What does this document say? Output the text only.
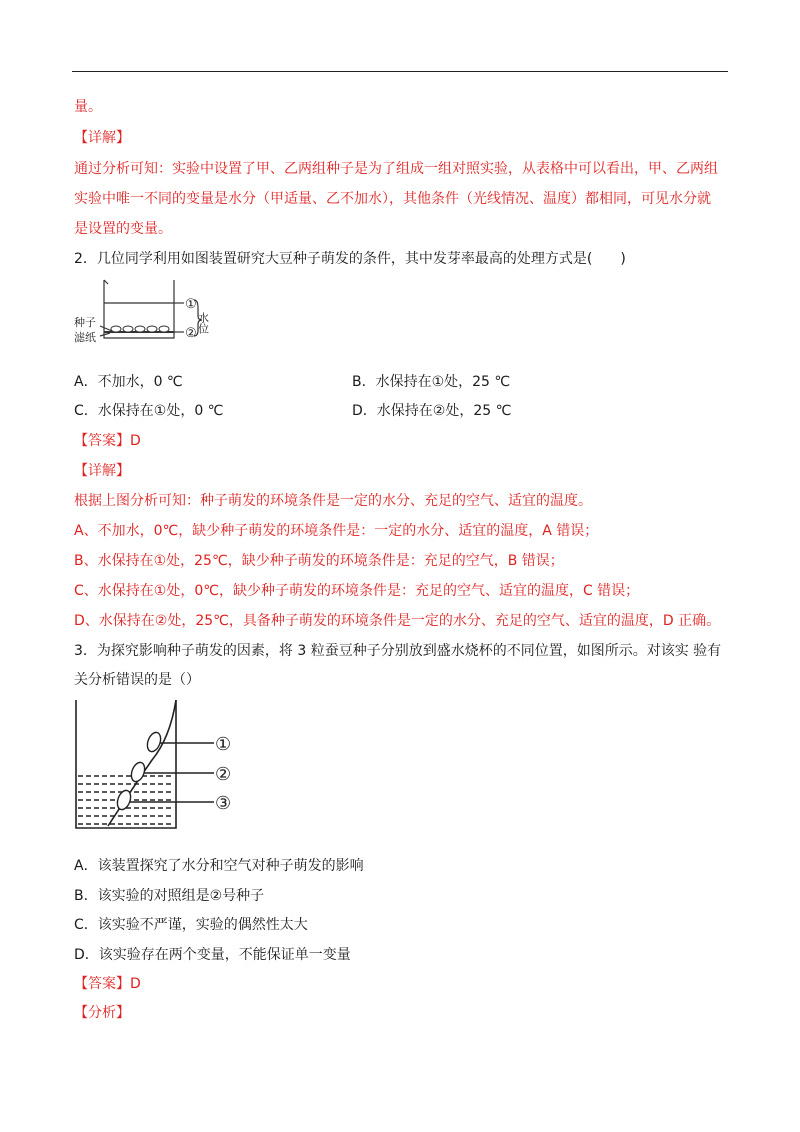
量。
【详解】
通过分析可知：实验中设置了甲、乙两组种子是为了组成一组对照实验，从表格中可以看出，甲、乙两组
实验中唯一不同的变量是水分（甲适量、乙不加水），其他条件（光线情况、温度）都相同，可见水分就
是设置的变量。
2．几位同学利用如图装置研究大豆种子萌发的条件，其中发芽率最高的处理方式是(　　)
①
② 水位
种子
滤纸
A．不加水，0 ℃	B．水保持在①处，25 ℃
C．水保持在①处，0 ℃	D．水保持在②处，25 ℃
【答案】D
【详解】
根据上图分析可知：种子萌发的环境条件是一定的水分、充足的空气、适宜的温度。
A、不加水，0℃，缺少种子萌发的环境条件是：一定的水分、适宜的温度，A 错误；
B、水保持在①处，25℃，缺少种子萌发的环境条件是：充足的空气，B 错误；
C、水保持在①处，0℃，缺少种子萌发的环境条件是：充足的空气、适宜的温度，C 错误；
D、水保持在②处，25℃，具备种子萌发的环境条件是一定的水分、充足的空气、适宜的温度，D 正确。
3．为探究影响种子萌发的因素，将 3 粒蚕豆种子分别放到盛水烧杯的不同位置，如图所示。对该实 验有
关分析错误的是（）
①
②
③
A．该装置探究了水分和空气对种子萌发的影响
B．该实验的对照组是②号种子
C．该实验不严谨，实验的偶然性太大
D．该实验存在两个变量，不能保证单一变量
【答案】D
【分析】
